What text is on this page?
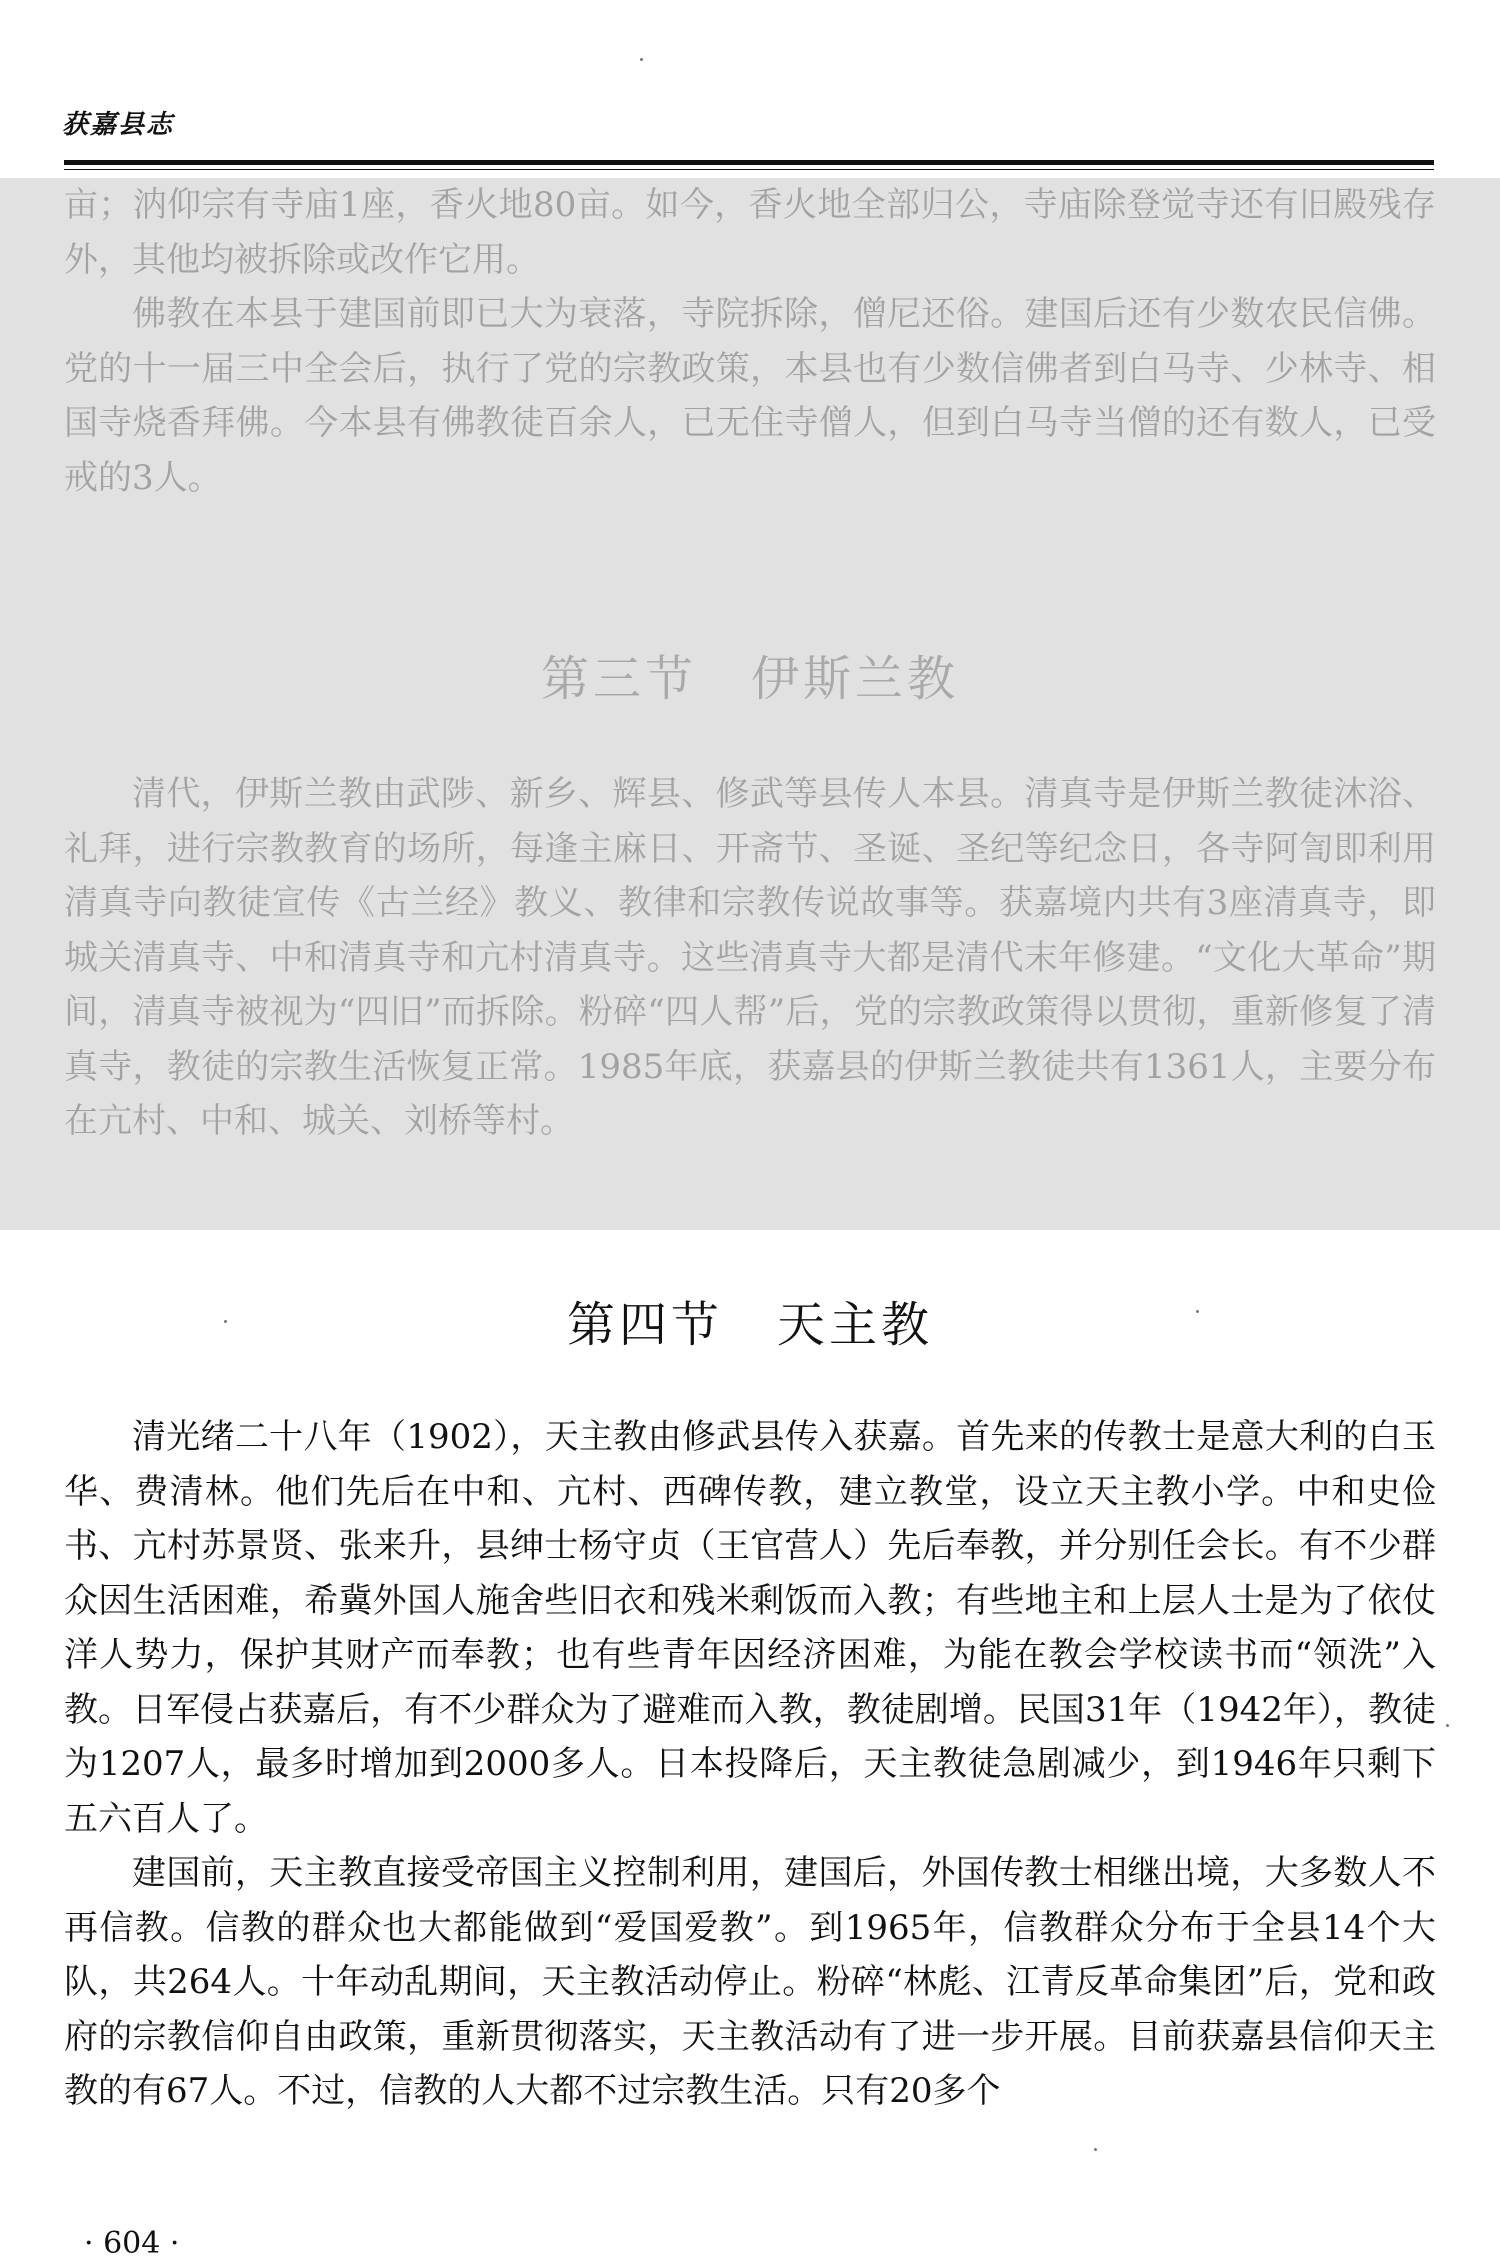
获嘉县志

亩；汭仰宗有寺庙1座，香火地80亩。如今，香火地全部归公，寺庙除登觉寺还有旧殿残存外，其他均被拆除或改作它用。

佛教在本县于建国前即已大为衰落，寺院拆除，僧尼还俗。建国后还有少数农民信佛。党的十一届三中全会后，执行了党的宗教政策，本县也有少数信佛者到白马寺、少林寺、相国寺烧香拜佛。今本县有佛教徒百余人，已无住寺僧人，但到白马寺当僧的还有数人，已受戒的3人。

第三节 伊斯兰教

清代，伊斯兰教由武陟、新乡、辉县、修武等县传人本县。清真寺是伊斯兰教徒沐浴、礼拜，进行宗教教育的场所，每逢主麻日、开斋节、圣诞、圣纪等纪念日，各寺阿訇即利用清真寺向教徒宣传《古兰经》教义、教律和宗教传说故事等。获嘉境内共有3座清真寺，即城关清真寺、中和清真寺和亢村清真寺。这些清真寺大都是清代末年修建。“文化大革命”期间，清真寺被视为“四旧”而拆除。粉碎“四人帮”后，党的宗教政策得以贯彻，重新修复了清真寺，教徒的宗教生活恢复正常。1985年底，获嘉县的伊斯兰教徒共有1361人，主要分布在亢村、中和、城关、刘桥等村。

第四节 天主教

清光绪二十八年（1902），天主教由修武县传入获嘉。首先来的传教士是意大利的白玉华、费清林。他们先后在中和、亢村、西碑传教，建立教堂，设立天主教小学。中和史俭书、亢村苏景贤、张来升，县绅士杨守贞（王官营人）先后奉教，并分别任会长。有不少群众因生活困难，希冀外国人施舍些旧衣和残米剩饭而入教；有些地主和上层人士是为了依仗洋人势力，保护其财产而奉教；也有些青年因经济困难，为能在教会学校读书而“领洗”入教。日军侵占获嘉后，有不少群众为了避难而入教，教徒剧增。民国31年（1942年），教徒为1207人，最多时增加到2000多人。日本投降后，天主教徒急剧减少，到1946年只剩下五六百人了。

建国前，天主教直接受帝国主义控制利用，建国后，外国传教士相继出境，大多数人不再信教。信教的群众也大都能做到“爱国爱教”。到1965年，信教群众分布于全县14个大队，共264人。十年动乱期间，天主教活动停止。粉碎“林彪、江青反革命集团”后，党和政府的宗教信仰自由政策，重新贯彻落实，天主教活动有了进一步开展。目前获嘉县信仰天主教的有67人。不过，信教的人大都不过宗教生活。只有20多个

· 604 ·
